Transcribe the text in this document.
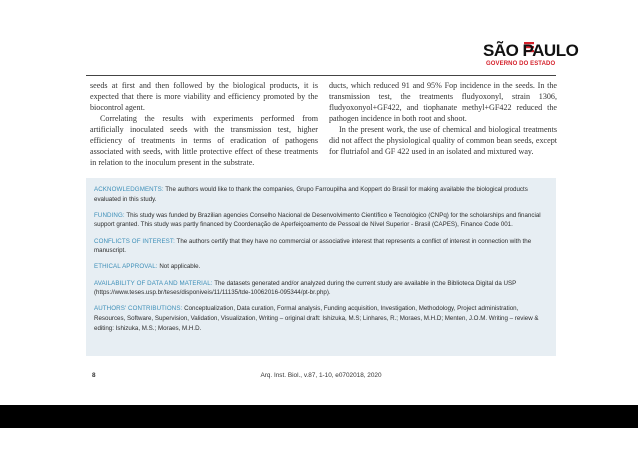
SÃO PAULO
GOVERNO DO ESTADO

seeds at first and then followed by the biological products, it is expected that there is more viability and efficiency promoted by the biocontrol agent.

Correlating the results with experiments performed from artificially inoculated seeds with the transmission test, higher efficiency of treatments in terms of eradication of pathogens associated with seeds, with little protective effect of these treatments in relation to the inoculum present in the substrate.

ducts, which reduced 91 and 95% Fop incidence in the seeds. In the transmission test, the treatments fludyoxonyl, strain 1306, fludyoxonyol+GF422, and tiophanate methyl+GF422 reduced the pathogen incidence in both root and shoot.

In the present work, the use of chemical and biological treatments did not affect the physiological quality of common bean seeds, except for flutriafol and GF 422 used in an isolated and mixtured way.

ACKNOWLEDGMENTS: The authors would like to thank the companies, Grupo Farroupilha and Koppert do Brasil for making available the biological products evaluated in this study.

FUNDING: This study was funded by Brazilian agencies Conselho Nacional de Desenvolvimento Científico e Tecnológico (CNPq) for the scholarships and financial support granted. This study was partly financed by Coordenação de Aperfeiçoamento de Pessoal de Nível Superior - Brasil (CAPES), Finance Code 001.

CONFLICTS OF INTEREST: The authors certify that they have no commercial or associative interest that represents a conflict of interest in connection with the manuscript.

ETHICAL APPROVAL: Not applicable.

AVAILABILITY OF DATA AND MATERIAL: The datasets generated and/or analyzed during the current study are available in the Biblioteca Digital da USP (https://www.teses.usp.br/teses/disponiveis/11/11135/tde-10062016-095344/pt-br.php).

AUTHORS' CONTRIBUTIONS: Conceptualization, Data curation, Formal analysis, Funding acquisition, Investigation, Methodology, Project administration, Resources, Software, Supervision, Validation, Visualization, Writing – original draft: Ishizuka, M.S; Linhares, R.; Moraes, M.H.D; Menten, J.O.M. Writing – review & editing: Ishizuka, M.S.; Moraes, M.H.D.

8	Arq. Inst. Biol., v.87, 1-10, e0702018, 2020
